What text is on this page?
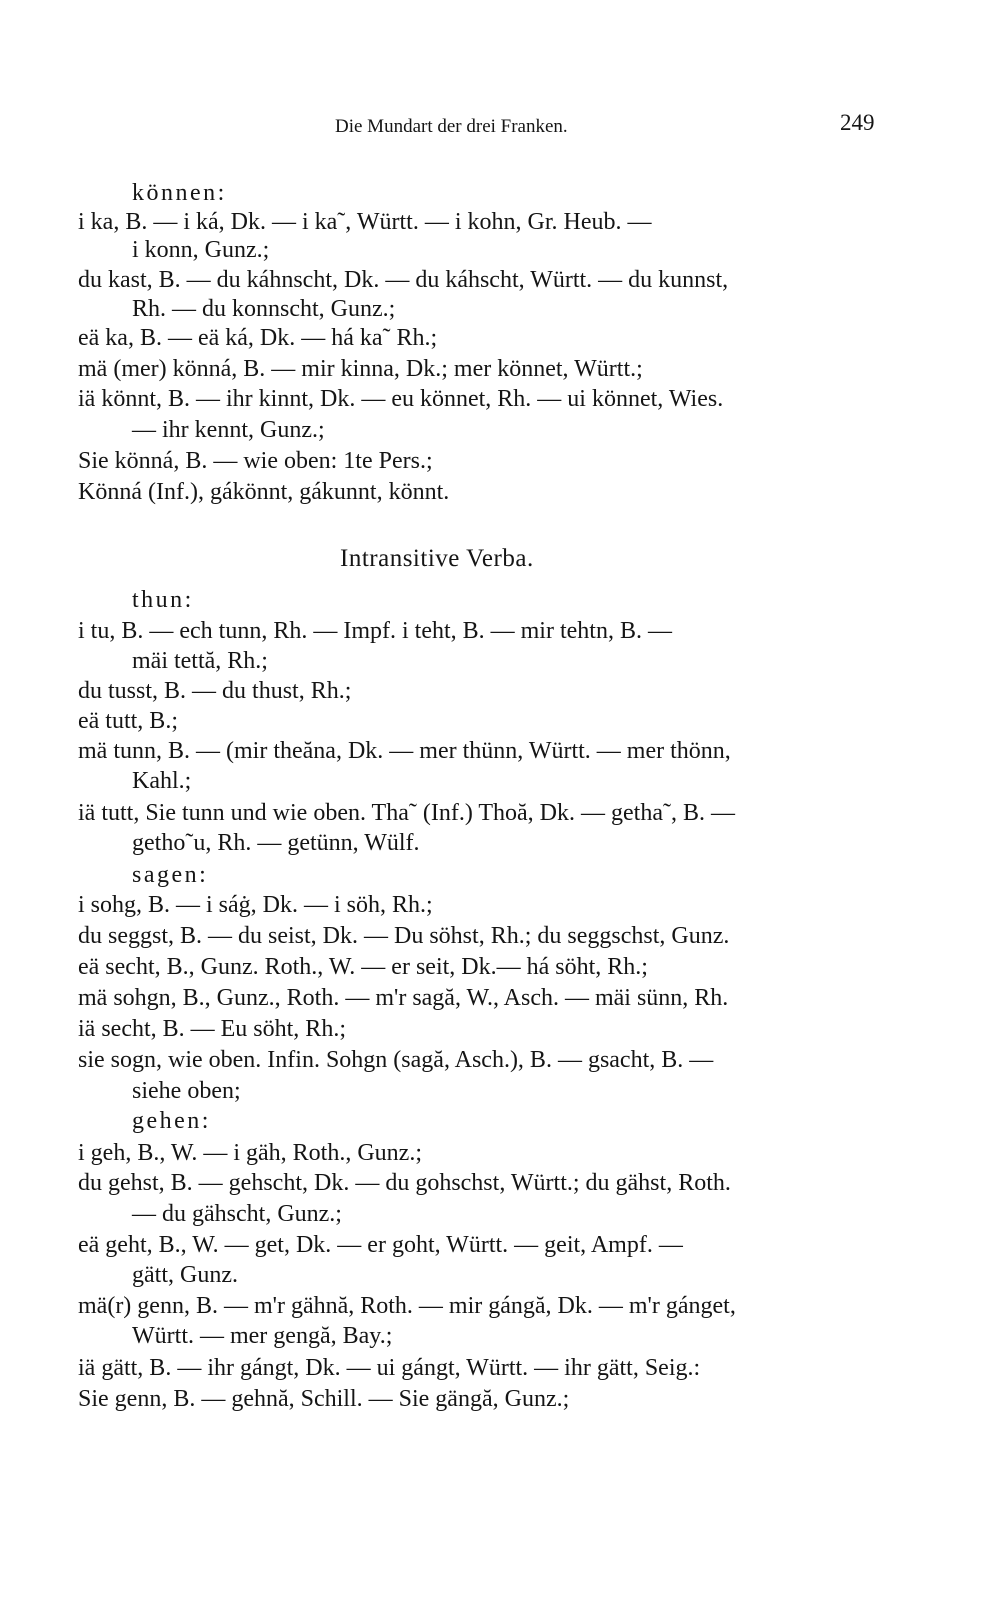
Die Mundart der drei Franken.	249
Intransitive Verba.
können:
i ka, B. — i ká, Dk. — i ka˜, Württ. — i kohn, Gr. Heub. —
i konn, Gunz.;
du kast, B. — du káhnscht, Dk. — du káhscht, Württ. — du kunnst,
Rh. — du konnscht, Gunz.;
eä ka, B. — eä ká, Dk. — há ka˜ Rh.;
mä (mer) könná, B. — mir kinna, Dk.; mer könnet, Württ.;
iä könnt, B. — ihr kinnt, Dk. — eu könnet, Rh. — ui könnet, Wies.
— ihr kennt, Gunz.;
Sie könná, B. — wie oben: 1te Pers.;
Könná (Inf.), gákönnt, gákunnt, könnt.
thun:
i tu, B. — ech tunn, Rh. — Impf. i teht, B. — mir tehtn, B. —
mäi tettă, Rh.;
du tusst, B. — du thust, Rh.;
eä tutt, B.;
mä tunn, B. — (mir theăna, Dk. — mer thünn, Württ. — mer thönn,
Kahl.;
iä tutt, Sie tunn und wie oben. Tha˜ (Inf.) Thoă, Dk. — getha˜, B. —
getho˜u, Rh. — getünn, Wülf.
sagen:
i sohg, B. — i sáġ, Dk. — i söh, Rh.;
du seggst, B. — du seist, Dk. — Du söhst, Rh.; du seggschst, Gunz.
eä secht, B., Gunz. Roth., W. — er seit, Dk.— há söht, Rh.;
mä sohgn, B., Gunz., Roth. — m'r sagă, W., Asch. — mäi sünn, Rh.
iä secht, B. — Eu söht, Rh.;
sie sogn, wie oben. Infin. Sohgn (sagă, Asch.), B. — gsacht, B. —
siehe oben;
gehen:
i geh, B., W. — i gäh, Roth., Gunz.;
du gehst, B. — gehscht, Dk. — du gohschst, Württ.; du gähst, Roth.
— du gähscht, Gunz.;
eä geht, B., W. — get, Dk. — er goht, Württ. — geit, Ampf. —
gätt, Gunz.
mä(r) genn, B. — m'r gähnă, Roth. — mir gángă, Dk. — m'r gánget,
Württ. — mer gengă, Bay.;
iä gätt, B. — ihr gángt, Dk. — ui gángt, Württ. — ihr gätt, Seig.:
Sie genn, B. — gehnă, Schill. — Sie gängă, Gunz.;
